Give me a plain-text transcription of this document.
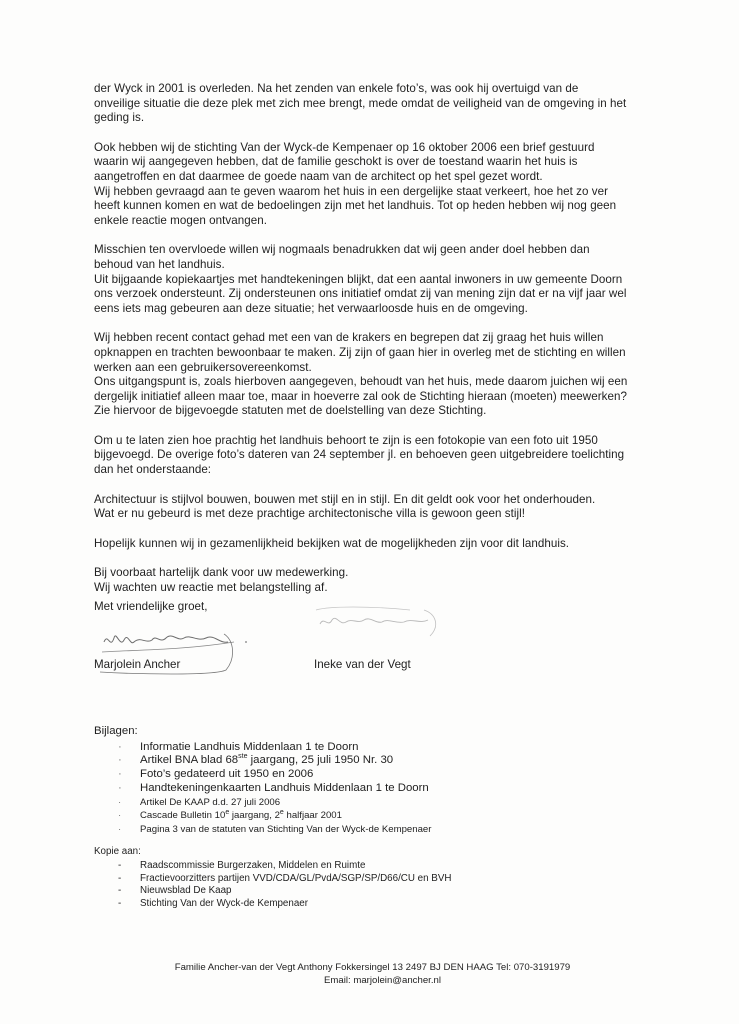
der Wyck in 2001 is overleden. Na het zenden van enkele foto’s, was ook hij overtuigd van de
onveilige situatie die deze plek met zich mee brengt, mede omdat de veiligheid van de omgeving in het
geding is.

Ook hebben wij de stichting Van der Wyck-de Kempenaer op 16 oktober 2006 een brief gestuurd
waarin wij aangegeven hebben, dat de familie geschokt is over de toestand waarin het huis is
aangetroffen en dat daarmee de goede naam van de architect op het spel gezet wordt.
Wij hebben gevraagd aan te geven waarom het huis in een dergelijke staat verkeert, hoe het zo ver
heeft kunnen komen en wat de bedoelingen zijn met het landhuis. Tot op heden hebben wij nog geen
enkele reactie mogen ontvangen.

Misschien ten overvloede willen wij nogmaals benadrukken dat wij geen ander doel hebben dan
behoud van het landhuis.
Uit bijgaande kopiekaartjes met handtekeningen blijkt, dat een aantal inwoners in uw gemeente Doorn
ons verzoek ondersteunt. Zij ondersteunen ons initiatief omdat zij van mening zijn dat er na vijf jaar wel
eens iets mag gebeuren aan deze situatie; het verwaarloosde huis en de omgeving.

Wij hebben recent contact gehad met een van de krakers en begrepen dat zij graag het huis willen
opknappen en trachten bewoonbaar te maken. Zij zijn of gaan hier in overleg met de stichting en willen
werken aan een gebruikersovereenkomst.
Ons uitgangspunt is, zoals hierboven aangegeven, behoudt van het huis, mede daarom juichen wij een
dergelijk initiatief alleen maar toe, maar in hoeverre zal ook de Stichting hieraan (moeten) meewerken?
Zie hiervoor de bijgevoegde statuten met de doelstelling van deze Stichting.

Om u te laten zien hoe prachtig het landhuis behoort te zijn is een fotokopie van een foto uit 1950
bijgevoegd. De overige foto’s dateren van 24 september jl. en behoeven geen uitgebreidere toelichting
dan het onderstaande:

Architectuur is stijlvol bouwen, bouwen met stijl en in stijl. En dit geldt ook voor het onderhouden.
Wat er nu gebeurd is met deze prachtige architectonische villa is gewoon geen stijl!

Hopelijk kunnen wij in gezamenlijkheid bekijken wat de mogelijkheden zijn voor dit landhuis.

Bij voorbaat hartelijk dank voor uw medewerking.
Wij wachten uw reactie met belangstelling af.

Met vriendelijke groet,
Marjolein Ancher	Ineke van der Vegt
Bijlagen:
· Informatie Landhuis Middenlaan 1 te Doorn
· Artikel BNA blad 68ste jaargang, 25 juli 1950 Nr. 30
· Foto’s gedateerd uit 1950 en 2006
· Handtekeningenkaarten Landhuis Middenlaan 1 te Doorn
· Artikel De KAAP d.d. 27 juli 2006
· Cascade Bulletin 10e jaargang, 2e halfjaar 2001
· Pagina 3 van de statuten van Stichting Van der Wyck-de Kempenaer
Kopie aan:
- Raadscommissie Burgerzaken, Middelen en Ruimte
- Fractievoorzitters partijen VVD/CDA/GL/PvdA/SGP/SP/D66/CU en BVH
- Nieuwsblad De Kaap
- Stichting Van der Wyck-de Kempenaer
Familie Ancher-van der Vegt Anthony Fokkersingel 13 2497 BJ DEN HAAG Tel: 070-3191979
Email: marjolein@ancher.nl
